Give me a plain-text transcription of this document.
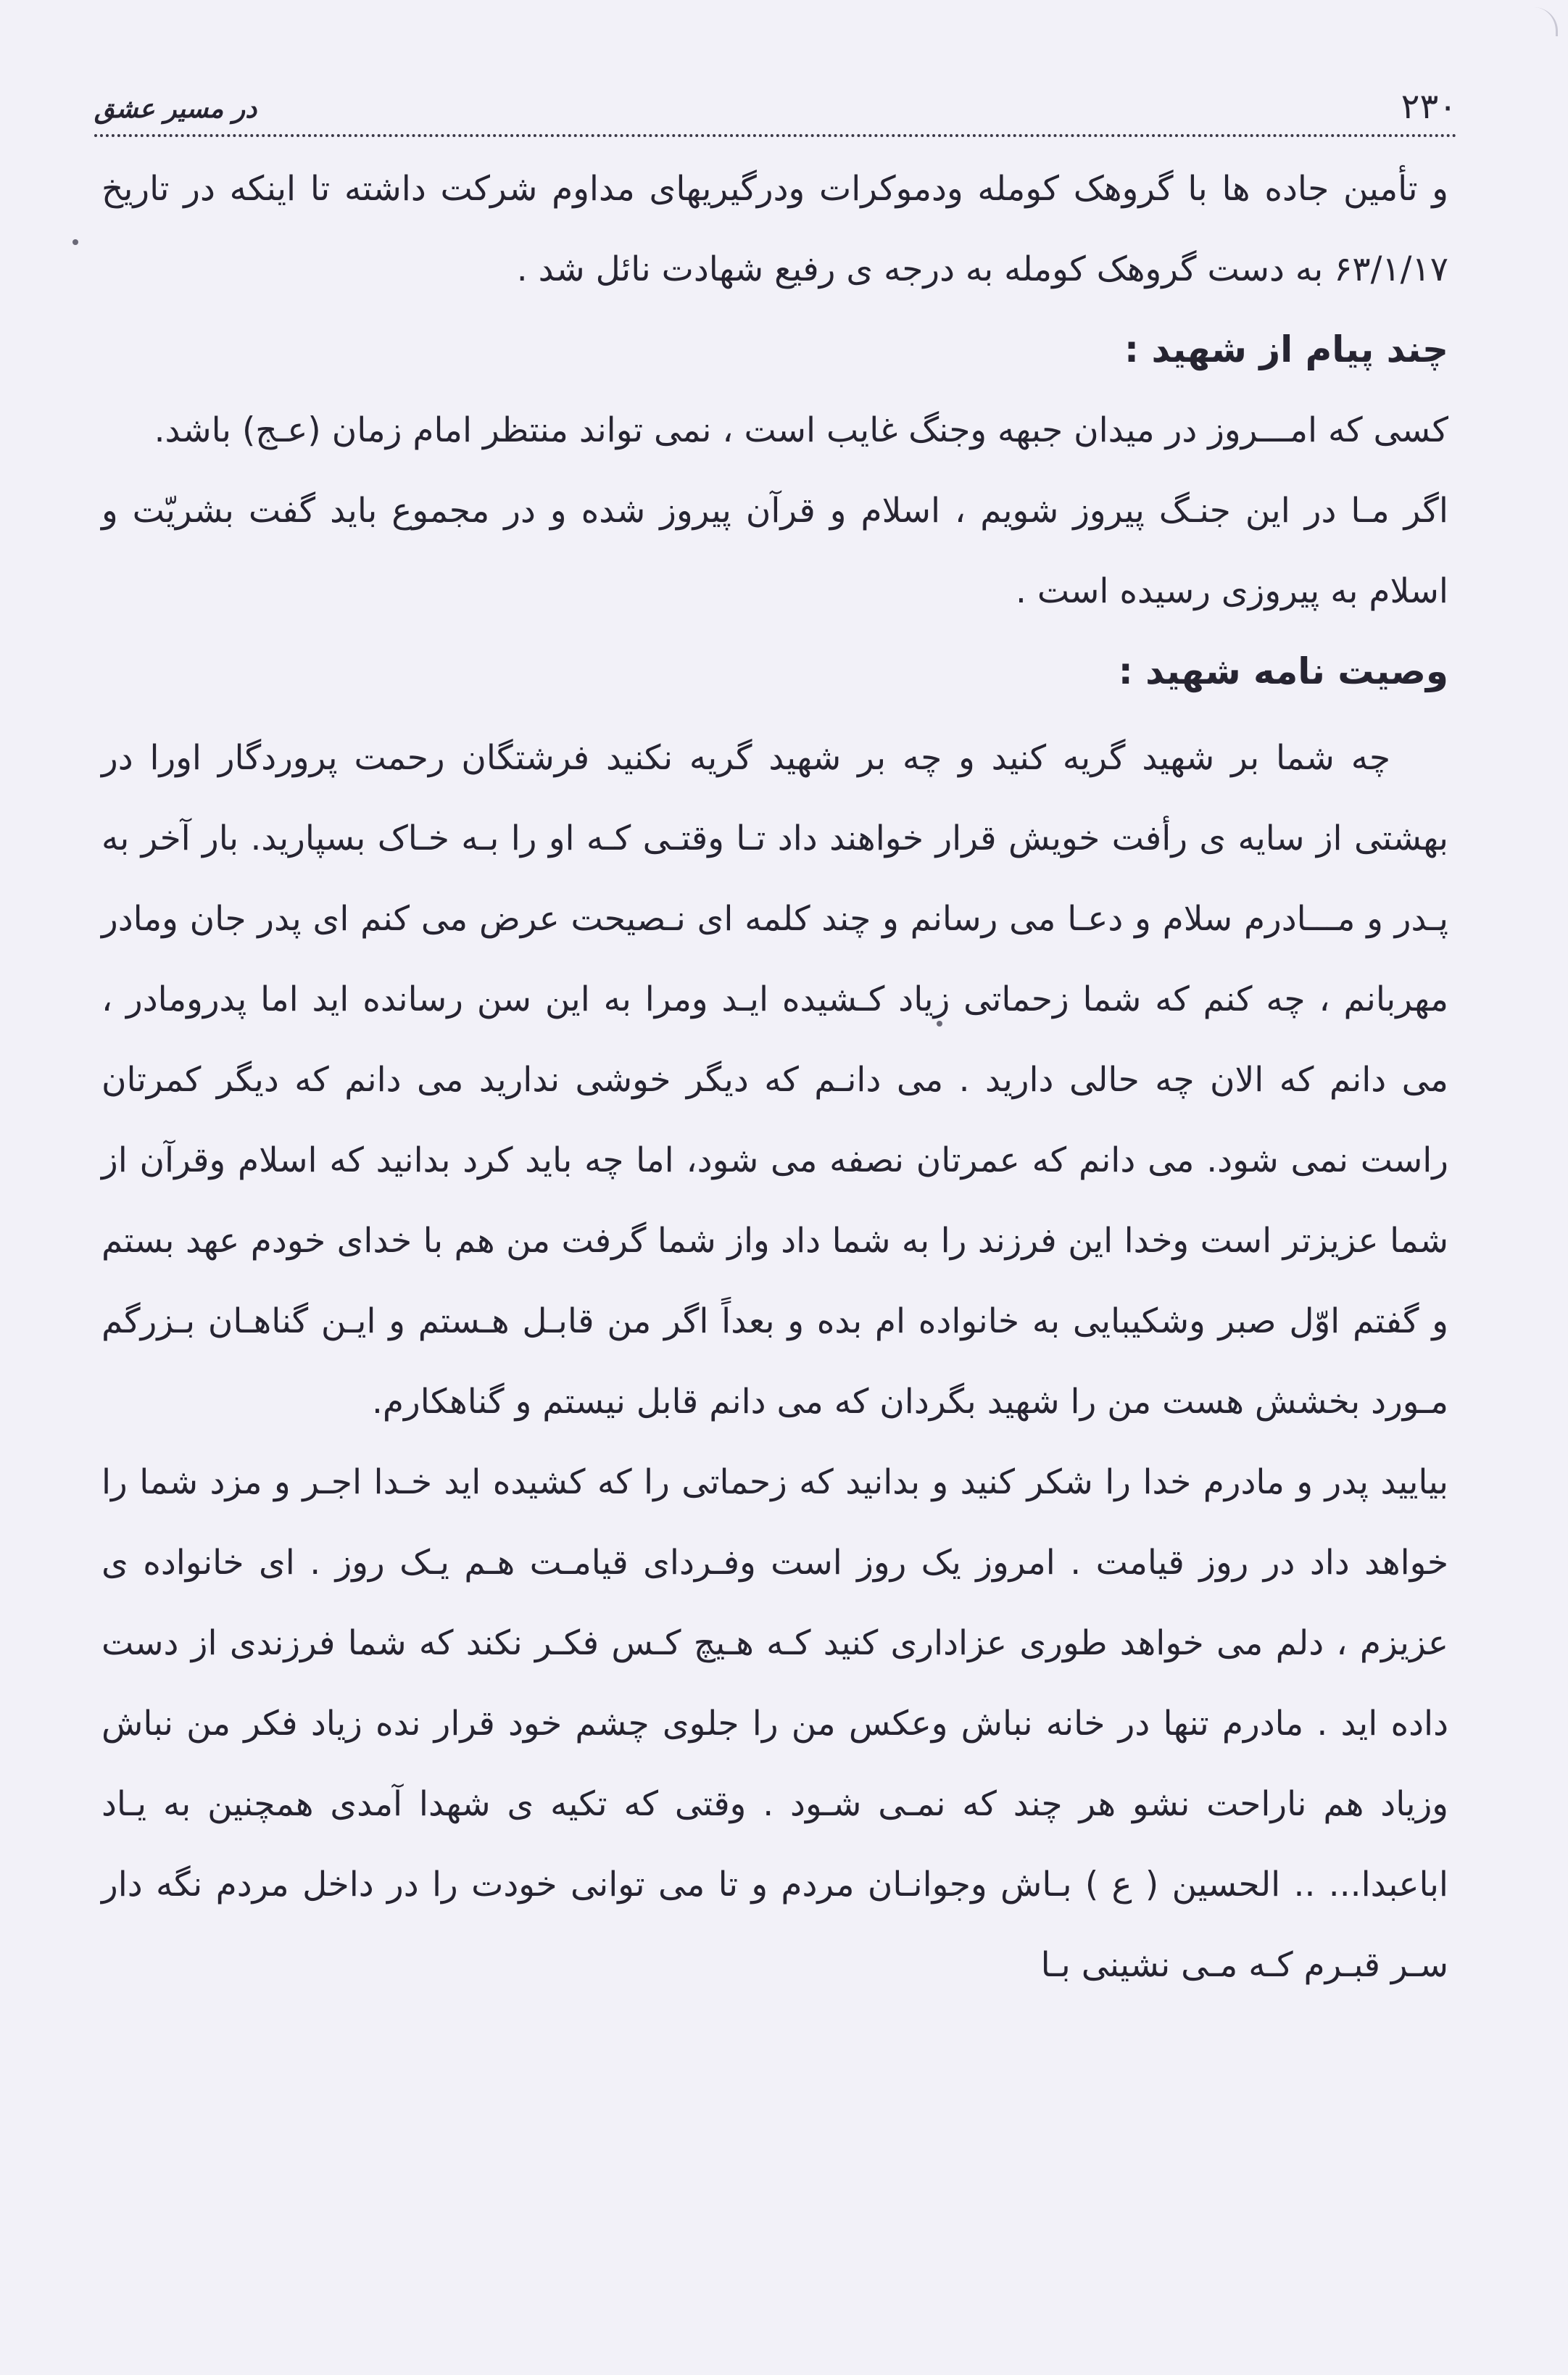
در مسیر عشق	۲۳۰

و تأمین جاده ها با گروهک کومله ودموکرات ودرگیریهای مداوم شرکت داشته تا اینکه در تاریخ ۶۳/۱/۱۷ به دست گروهک کومله به درجه ی رفیع شهادت نائل شد .

چند پیام از شهید :

کسی که امـــروز در میدان جبهه وجنگ غایب است ، نمی تواند منتظر امام زمان (عـج) باشد.

اگر مـا در این جنـگ پیروز شویم ، اسلام و قرآن پیروز شده و در مجموع باید گفت بشریّت و اسلام به پیروزی رسیده است .

وصیت نامه شهید :

چه شما بر شهید گریه کنید و چه بر شهید گریه نکنید فرشتگان رحمت پروردگار اورا در بهشتی از سایه ی رأفت خویش قرار خواهند داد تـا وقتـی کـه او را بـه خـاک بسپارید. بار آخر به پـدر و مـــادرم سلام و دعـا می رسانم و چند کلمه ای نـصیحت عرض می کنم ای پدر جان ومادر مهربانم ، چه کنم که شما زحماتی زیاد کـشیده ایـد ومرا به این سن رسانده اید اما پدرومادر ، می دانم که الان چه حالی دارید . می دانـم که دیگر خوشی ندارید می دانم که دیگر کمرتان راست نمی شود. می دانم که عمرتان نصفه می شود، اما چه باید کرد بدانید که اسلام وقرآن از شما عزیزتر است وخدا این فرزند را به شما داد واز شما گرفت من هم با خدای خودم عهد بستم و گفتم اوّل صبر وشکیبایی به خانواده ام بده و بعداً اگر من قابـل هـستم و ایـن گناهـان بـزرگم مـورد بخشش هست من را شهید بگردان که می دانم قابل نیستم و گناهکارم.

بیایید پدر و مادرم خدا را شکر کنید و بدانید که زحماتی را که کشیده اید خـدا اجـر و مزد شما را خواهد داد در روز قیامت . امروز یک روز است وفـردای قیامـت هـم یـک روز . ای خانواده ی عزیزم ، دلم می خواهد طوری عزاداری کنید کـه هـیچ کـس فکـر نکند که شما فرزندی از دست داده اید . مادرم تنها در خانه نباش وعکس من را جلوی چشم خود قرار نده زیاد فکر من نباش وزیاد هم ناراحت نشو هر چند که نمـی شـود . وقتی که تکیه ی شهدا آمدی همچنین به یـاد اباعبدا... .. الحسین ( ع ) بـاش وجوانـان مردم و تا می توانی خودت را در داخل مردم نگه دار سـر قبـرم کـه مـی نشینی بـا
